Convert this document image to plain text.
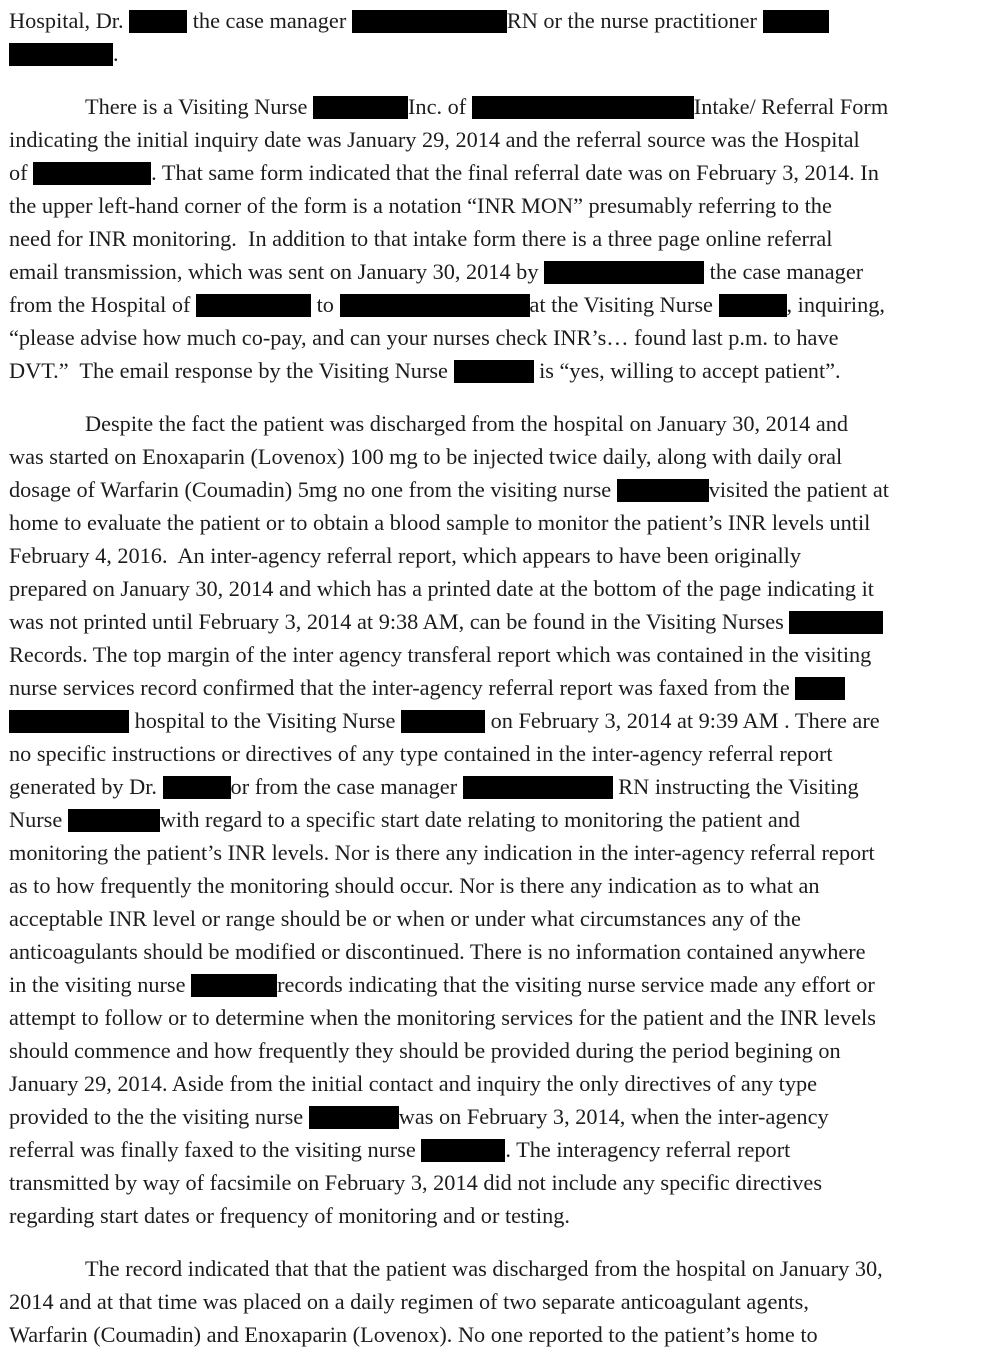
Hospital, Dr.	the case manager	RN or the nurse practitioner
.
There is a Visiting Nurse	Inc. of	Intake/ Referral Form
indicating the initial inquiry date was January 29, 2014 and the referral source was the Hospital
of	. That same form indicated that the final referral date was on February 3, 2014. In
the upper left-hand corner of the form is a notation “INR MON” presumably referring to the
need for INR monitoring.  In addition to that intake form there is a three page online referral
email transmission, which was sent on January 30, 2014 by	the case manager
from the Hospital of	to	at the Visiting Nurse	, inquiring,
“please advise how much co-pay, and can your nurses check INR’s… found last p.m. to have
DVT.”  The email response by the Visiting Nurse	is “yes, willing to accept patient”.
Despite the fact the patient was discharged from the hospital on January 30, 2014 and
was started on Enoxaparin (Lovenox) 100 mg to be injected twice daily, along with daily oral
dosage of Warfarin (Coumadin) 5mg no one from the visiting nurse	visited the patient at
home to evaluate the patient or to obtain a blood sample to monitor the patient’s INR levels until
February 4, 2016.  An inter-agency referral report, which appears to have been originally
prepared on January 30, 2014 and which has a printed date at the bottom of the page indicating it
was not printed until February 3, 2014 at 9:38 AM, can be found in the Visiting Nurses
Records. The top margin of the inter agency transferal report which was contained in the visiting
nurse services record confirmed that the inter-agency referral report was faxed from the
hospital to the Visiting Nurse	on February 3, 2014 at 9:39 AM . There are
no specific instructions or directives of any type contained in the inter-agency referral report
generated by Dr.	or from the case manager	RN instructing the Visiting
Nurse	with regard to a specific start date relating to monitoring the patient and
monitoring the patient’s INR levels. Nor is there any indication in the inter-agency referral report
as to how frequently the monitoring should occur. Nor is there any indication as to what an
acceptable INR level or range should be or when or under what circumstances any of the
anticoagulants should be modified or discontinued. There is no information contained anywhere
in the visiting nurse	records indicating that the visiting nurse service made any effort or
attempt to follow or to determine when the monitoring services for the patient and the INR levels
should commence and how frequently they should be provided during the period begining on
January 29, 2014. Aside from the initial contact and inquiry the only directives of any type
provided to the the visiting nurse	was on February 3, 2014, when the inter-agency
referral was finally faxed to the visiting nurse	. The interagency referral report
transmitted by way of facsimile on February 3, 2014 did not include any specific directives
regarding start dates or frequency of monitoring and or testing.
The record indicated that that the patient was discharged from the hospital on January 30,
2014 and at that time was placed on a daily regimen of two separate anticoagulant agents,
Warfarin (Coumadin) and Enoxaparin (Lovenox). No one reported to the patient’s home to
